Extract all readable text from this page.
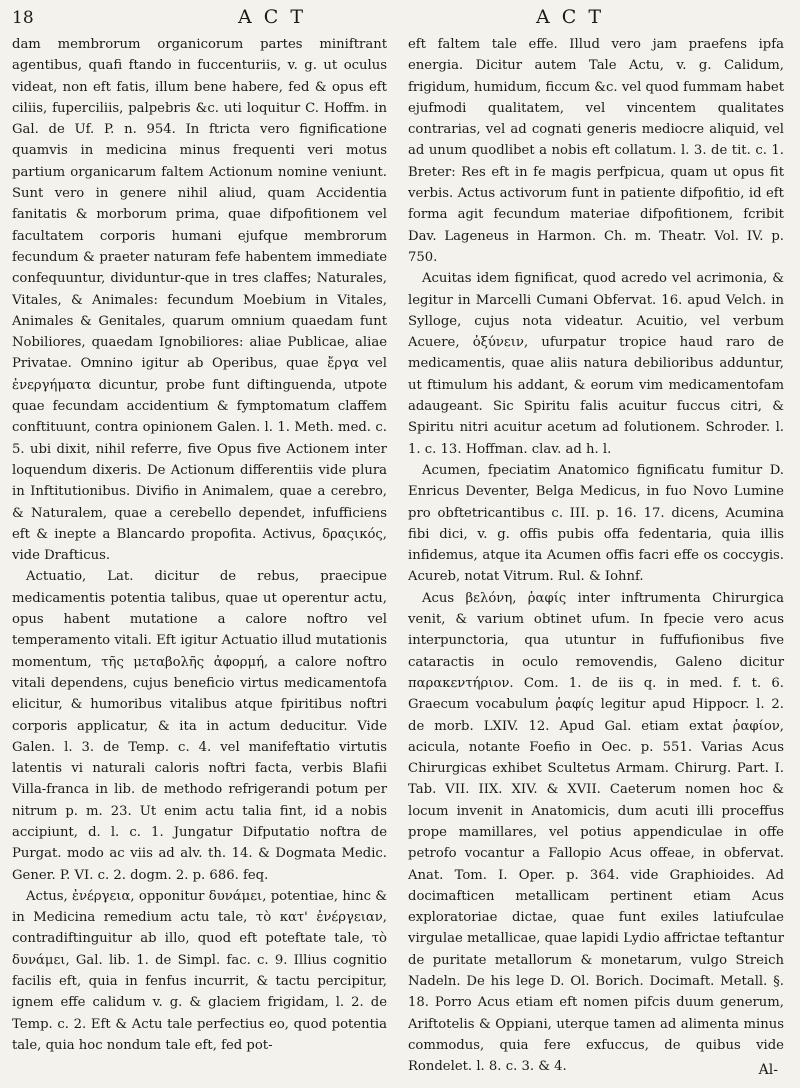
18	A C T	A C T

dam membrorum organicorum partes miniftrant agentibus, quafi ftando in fuccenturiis, v. g. ut oculus videat, non eft fatis, illum bene habere, fed & opus eft ciliis, fuperciliis, palpebris &c. uti loquitur C. Hoffm. in Gal. de Uf. P. n. 954. In ftricta vero fignificatione quamvis in medicina minus frequenti veri motus partium organicarum faltem Actionum nomine veniunt. Sunt vero in genere nihil aliud, quam Accidentia fanitatis & morborum prima, quae difpofitionem vel facultatem corporis humani ejufque membrorum fecundum & praeter naturam fefe habentem immediate confequuntur, dividuntur-que in tres claffes; Naturales, Vitales, & Animales: fecundum Moebium in Vitales, Animales & Genitales, quarum omnium quaedam funt Nobiliores, quaedam Ignobiliores: aliae Publicae, aliae Privatae. Omnino igitur ab Operibus, quae ἔργα vel ἐνεργήματα dicuntur, probe funt diftinguenda, utpote quae fecundam accidentium & fymptomatum claffem conftituunt, contra opinionem Galen. l. 1. Meth. med. c. 5. ubi dixit, nihil referre, five Opus five Actionem inter loquendum dixeris. De Actionum differentiis vide plura in Inftitutionibus. Divifio in Animalem, quae a cerebro, & Naturalem, quae a cerebello dependet, infufficiens eft & inepte a Blancardo propofita. Activus, δραςικός, vide Drafticus.

Actuatio, Lat. dicitur de rebus, praecipue medicamentis potentia talibus, quae ut operentur actu, opus habent mutatione a calore noftro vel temperamento vitali. Eft igitur Actuatio illud mutationis momentum, τῆς μεταβολῆς ἀφορμή, a calore noftro vitali dependens, cujus beneficio virtus medicamentofa elicitur, & humoribus vitalibus atque fpiritibus noftri corporis applicatur, & ita in actum deducitur. Vide Galen. l. 3. de Temp. c. 4. vel manifeftatio virtutis latentis vi naturali caloris noftri facta, verbis Blafii Villa-franca in lib. de methodo refrigerandi potum per nitrum p. m. 23. Ut enim actu talia fint, id a nobis accipiunt, d. l. c. 1. Jungatur Difputatio noftra de Purgat. modo ac viis ad alv. th. 14. & Dogmata Medic. Gener. P. VI. c. 2. dogm. 2. p. 686. feq.

Actus, ἐνέργεια, opponitur δυνάμει, potentiae, hinc & in Medicina remedium actu tale, τὸ κατ' ἐνέργειαν, contradiftinguitur ab illo, quod eft poteftate tale, τὸ δυνάμει, Gal. lib. 1. de Simpl. fac. c. 9. Illius cognitio facilis eft, quia in fenfus incurrit, & tactu percipitur, ignem effe calidum v. g. & glaciem frigidam, l. 2. de Temp. c. 2. Eft & Actu tale perfectius eo, quod potentia tale, quia hoc nondum tale eft, fed pot-

eft faltem tale effe. Illud vero jam praefens ipfa energia. Dicitur autem Tale Actu, v. g. Calidum, frigidum, humidum, ficcum &c. vel quod fummam habet ejufmodi qualitatem, vel vincentem qualitates contrarias, vel ad cognati generis mediocre aliquid, vel ad unum quodlibet a nobis eft collatum. l. 3. de tit. c. 1. Breter: Res eft in fe magis perfpicua, quam ut opus fit verbis. Actus activorum funt in patiente difpofitio, id eft forma agit fecundum materiae difpofitionem, fcribit Dav. Lageneus in Harmon. Ch. m. Theatr. Vol. IV. p. 750.

Acuitas idem fignificat, quod acredo vel acrimonia, & legitur in Marcelli Cumani Obfervat. 16. apud Velch. in Sylloge, cujus nota videatur. Acuitio, vel verbum Acuere, ὀξύνειν, ufurpatur tropice haud raro de medicamentis, quae aliis natura debilioribus adduntur, ut ftimulum his addant, & eorum vim medicamentofam adaugeant. Sic Spiritu falis acuitur fuccus citri, & Spiritu nitri acuitur acetum ad folutionem. Schroder. l. 1. c. 13. Hoffman. clav. ad h. l.

Acumen, fpeciatim Anatomico fignificatu fumitur D. Enricus Deventer, Belga Medicus, in fuo Novo Lumine pro obftetricantibus c. III. p. 16. 17. dicens, Acumina fibi dici, v. g. offis pubis offa fedentaria, quia illis infidemus, atque ita Acumen offis facri effe os coccygis. Acureb, notat Vitrum. Rul. & Iohnf.

Acus βελόνη, ῥαφίς inter inftrumenta Chirurgica venit, & varium obtinet ufum. In fpecie vero acus interpunctoria, qua utuntur in fuffufionibus five cataractis in oculo removendis, Galeno dicitur παρακεντήριον. Com. 1. de iis q. in med. f. t. 6. Graecum vocabulum ῥαφίς legitur apud Hippocr. l. 2. de morb. LXIV. 12. Apud Gal. etiam extat ῥαφίον, acicula, notante Foefio in Oec. p. 551. Varias Acus Chirurgicas exhibet Scultetus Armam. Chirurg. Part. I. Tab. VII. IIX. XIV. & XVII. Caeterum nomen hoc & locum invenit in Anatomicis, dum acuti illi proceffus prope mamillares, vel potius appendiculae in offe petrofo vocantur a Fallopio Acus offeae, in obfervat. Anat. Tom. I. Oper. p. 364. vide Graphioides. Ad docimafticen metallicam pertinent etiam Acus exploratoriae dictae, quae funt exiles latiufculae virgulae metallicae, quae lapidi Lydio affrictae teftantur de puritate metallorum & monetarum, vulgo Streich Nadeln. De his lege D. Ol. Borich. Docimaft. Metall. §. 18. Porro Acus etiam eft nomen pifcis duum generum, Ariftotelis & Oppiani, uterque tamen ad alimenta minus commodus, quia fere exfuccus, de quibus vide Rondelet. l. 8. c. 3. & 4.	Al-
